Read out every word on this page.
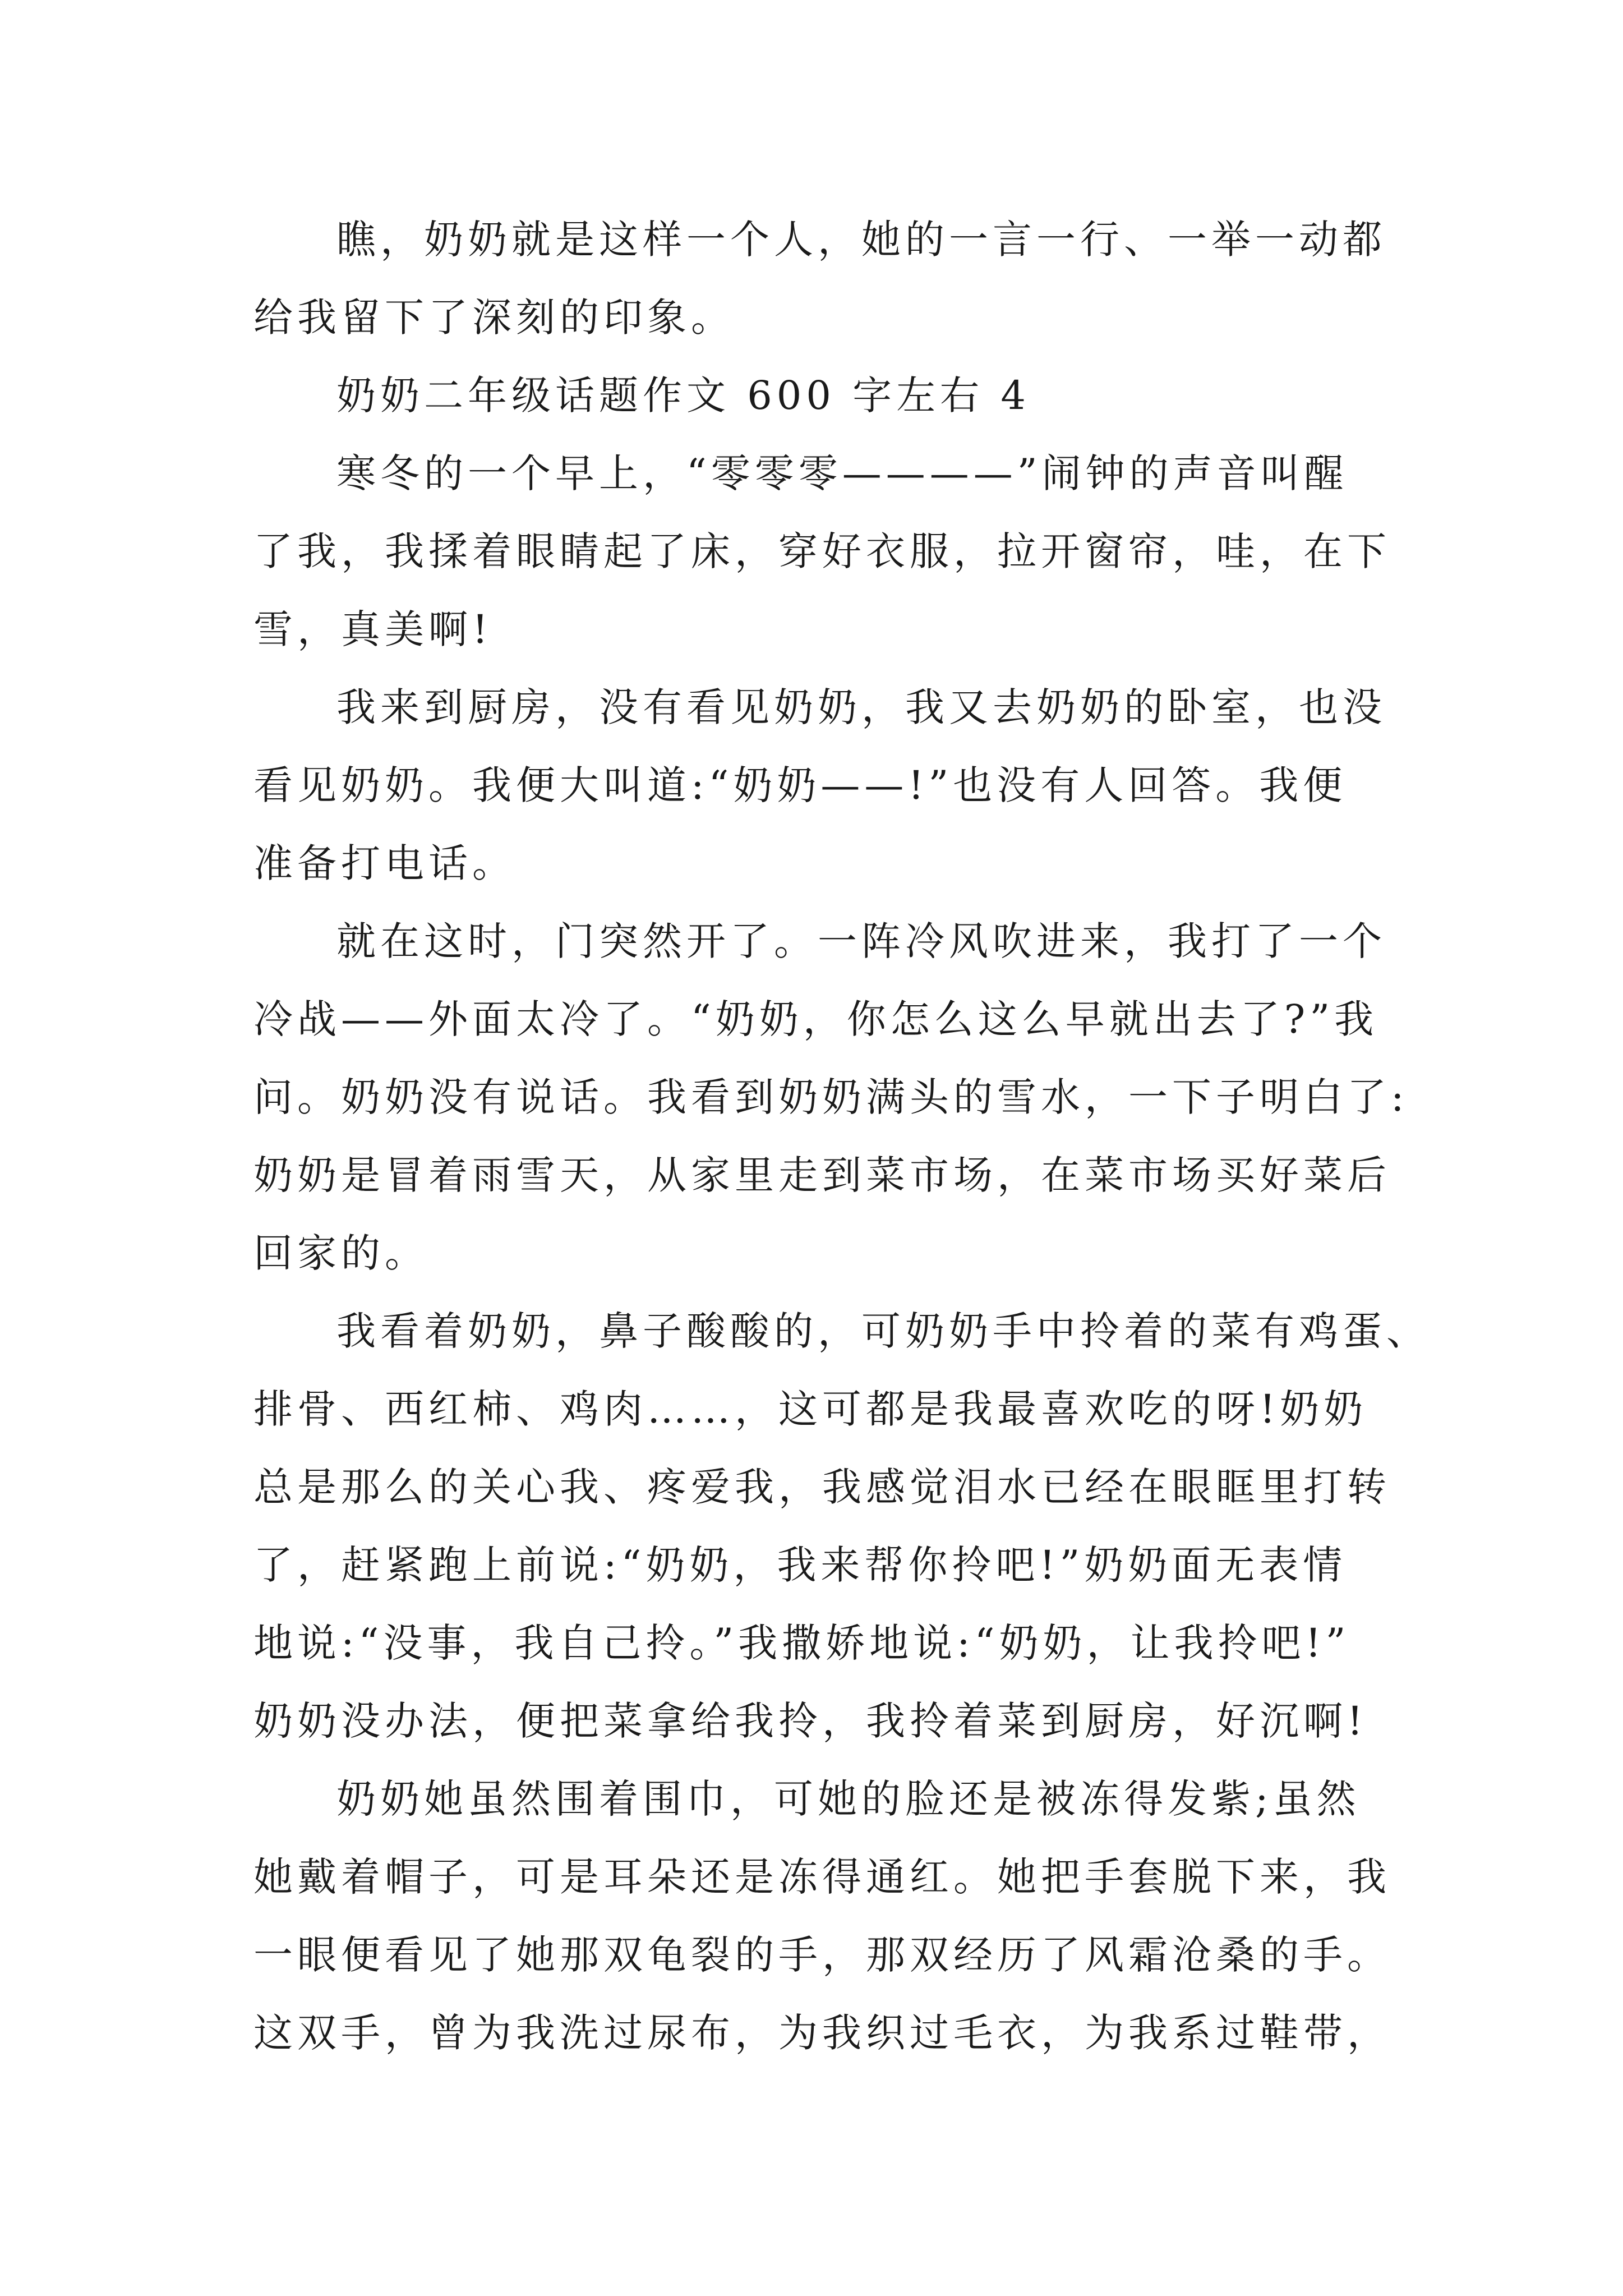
瞧，奶奶就是这样一个人，她的一言一行、一举一动都
给我留下了深刻的印象。
奶奶二年级话题作文 600 字左右 4
寒冬的一个早上，“零零零————”闹钟的声音叫醒
了我，我揉着眼睛起了床，穿好衣服，拉开窗帘，哇，在下
雪，真美啊!
我来到厨房，没有看见奶奶，我又去奶奶的卧室，也没
看见奶奶。我便大叫道:“奶奶——!”也没有人回答。我便
准备打电话。
就在这时，门突然开了。一阵冷风吹进来，我打了一个
冷战——外面太冷了。“奶奶，你怎么这么早就出去了?”我
问。奶奶没有说话。我看到奶奶满头的雪水，一下子明白了:
奶奶是冒着雨雪天，从家里走到菜市场，在菜市场买好菜后
回家的。
我看着奶奶，鼻子酸酸的，可奶奶手中拎着的菜有鸡蛋、
排骨、西红柿、鸡肉……，这可都是我最喜欢吃的呀!奶奶
总是那么的关心我、疼爱我，我感觉泪水已经在眼眶里打转
了，赶紧跑上前说:“奶奶，我来帮你拎吧!”奶奶面无表情
地说:“没事，我自己拎。”我撒娇地说:“奶奶，让我拎吧!”
奶奶没办法，便把菜拿给我拎，我拎着菜到厨房，好沉啊!
奶奶她虽然围着围巾，可她的脸还是被冻得发紫;虽然
她戴着帽子，可是耳朵还是冻得通红。她把手套脱下来，我
一眼便看见了她那双龟裂的手，那双经历了风霜沧桑的手。
这双手，曾为我洗过尿布，为我织过毛衣，为我系过鞋带，
